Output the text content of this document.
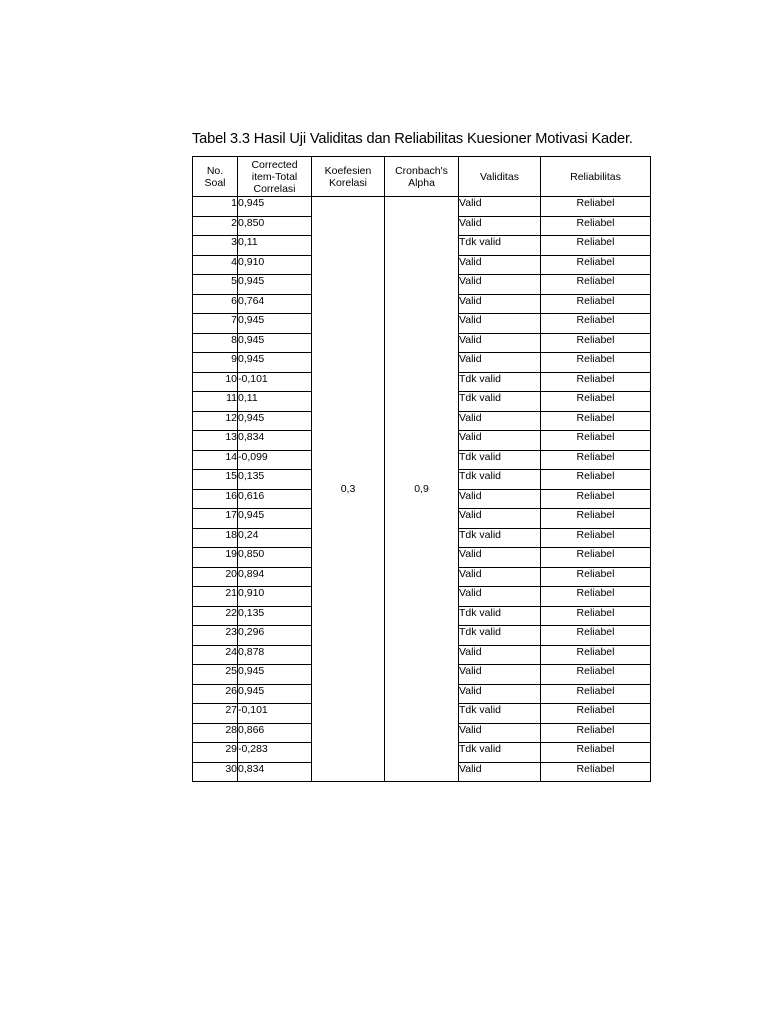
Tabel 3.3 Hasil Uji Validitas dan Reliabilitas Kuesioner Motivasi Kader.
No. Soal	Corrected item-Total Correlasi	Koefesien Korelasi	Cronbach's Alpha	Validitas	Reliabilitas
1	0,945	0,3	0,9	Valid	Reliabel
2	0,850			Valid	Reliabel
3	0,11			Tdk valid	Reliabel
4	0,910			Valid	Reliabel
5	0,945			Valid	Reliabel
6	0,764			Valid	Reliabel
7	0,945			Valid	Reliabel
8	0,945			Valid	Reliabel
9	0,945			Valid	Reliabel
10	-0,101			Tdk valid	Reliabel
11	0,11			Tdk valid	Reliabel
12	0,945			Valid	Reliabel
13	0,834			Valid	Reliabel
14	-0,099			Tdk valid	Reliabel
15	0,135			Tdk valid	Reliabel
16	0,616			Valid	Reliabel
17	0,945			Valid	Reliabel
18	0,24			Tdk valid	Reliabel
19	0,850			Valid	Reliabel
20	0,894			Valid	Reliabel
21	0,910			Valid	Reliabel
22	0,135			Tdk valid	Reliabel
23	0,296			Tdk valid	Reliabel
24	0,878			Valid	Reliabel
25	0,945			Valid	Reliabel
26	0,945			Valid	Reliabel
27	-0,101			Tdk valid	Reliabel
28	0,866			Valid	Reliabel
29	-0,283			Tdk valid	Reliabel
30	0,834			Valid	Reliabel
